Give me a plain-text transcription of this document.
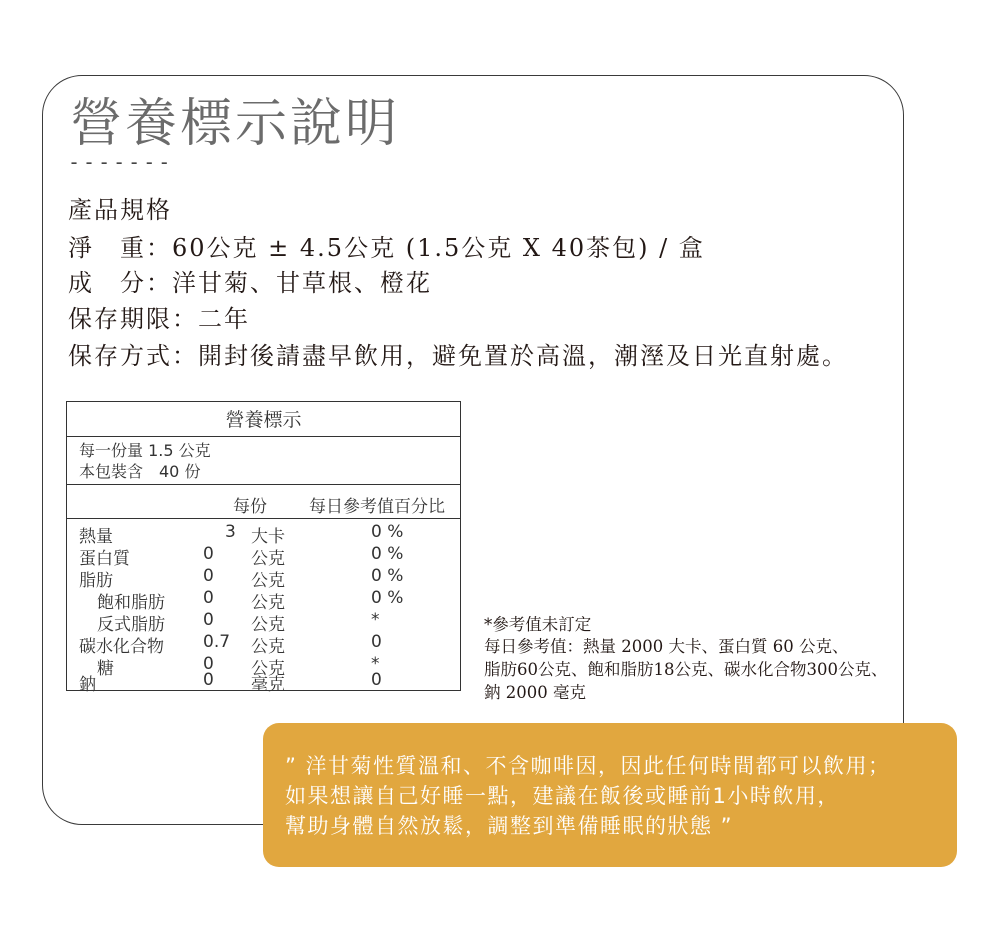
營養標示說明
-------
產品規格
淨　重：60公克 ± 4.5公克 (1.5公克 X 40茶包) / 盒
成　分：洋甘菊、甘草根、橙花
保存期限：二年
保存方式：開封後請盡早飲用，避免置於高溫，潮溼及日光直射處。
營養標示
每一份量 1.5 公克
本包裝含　40 份
每份 每日參考值百分比
熱量	3 大卡	0 %
蛋白質	0 公克	0 %
脂肪	0 公克	0 %
飽和脂肪 0 公克	0 %
反式脂肪 0 公克	*
碳水化合物 0.7 公克	0
糖	0 公克	*
鈉	0 毫克	0
*參考值未訂定
每日參考值：熱量 2000 大卡、蛋白質 60 公克、
脂肪60公克、飽和脂肪18公克、碳水化合物300公克、
鈉 2000 毫克
” 洋甘菊性質溫和、不含咖啡因，因此任何時間都可以飲用；
如果想讓自己好睡一點，建議在飯後或睡前1小時飲用，
幫助身體自然放鬆，調整到準備睡眠的狀態 ”
